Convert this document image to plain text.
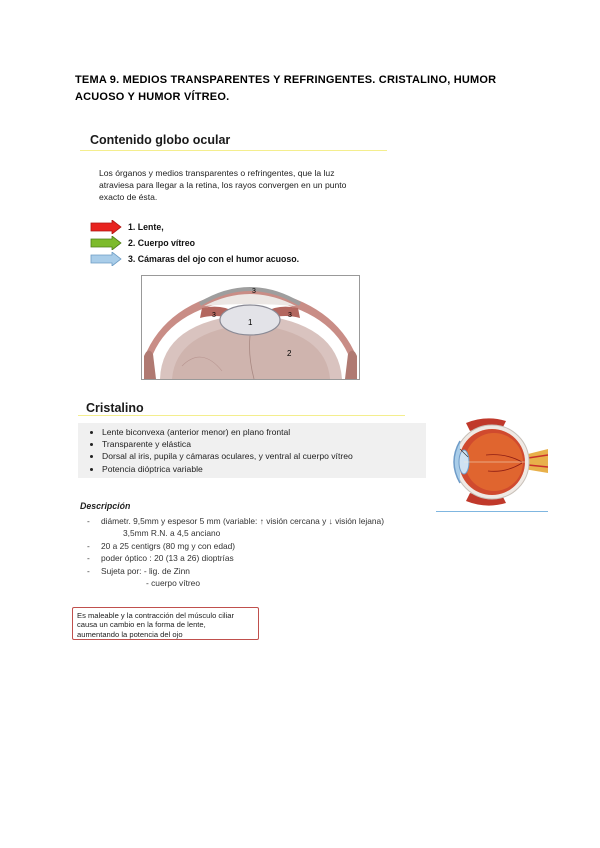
TEMA 9. MEDIOS TRANSPARENTES Y REFRINGENTES. CRISTALINO, HUMOR
ACUOSO Y HUMOR VÍTREO.
Contenido globo ocular
Los órganos y medios transparentes o refringentes, que la luz
atraviesa para llegar a la retina, los rayos convergen en un punto
exacto de ésta.
1. Lente,
2. Cuerpo vítreo
3. Cámaras del ojo con el humor acuoso.
1
2
3
3	3
Cristalino
• Lente biconvexa (anterior menor) en plano frontal
• Transparente y elástica
• Dorsal al iris, pupila y cámaras oculares, y ventral al cuerpo vítreo
• Potencia dióptrica variable
Descripción
- diámetr. 9,5mm y espesor 5 mm (variable: ↑ visión cercana y ↓ visión lejana)
3,5mm R.N. a 4,5 anciano
- 20 a 25 centigrs (80 mg y con edad)
- poder óptico : 20 (13 a 26) dioptrías
- Sujeta por: - lig. de Zinn
- cuerpo vítreo
Es maleable y la contracción del músculo ciliar
causa un cambio en la forma de lente,
aumentando la potencia del ojo
